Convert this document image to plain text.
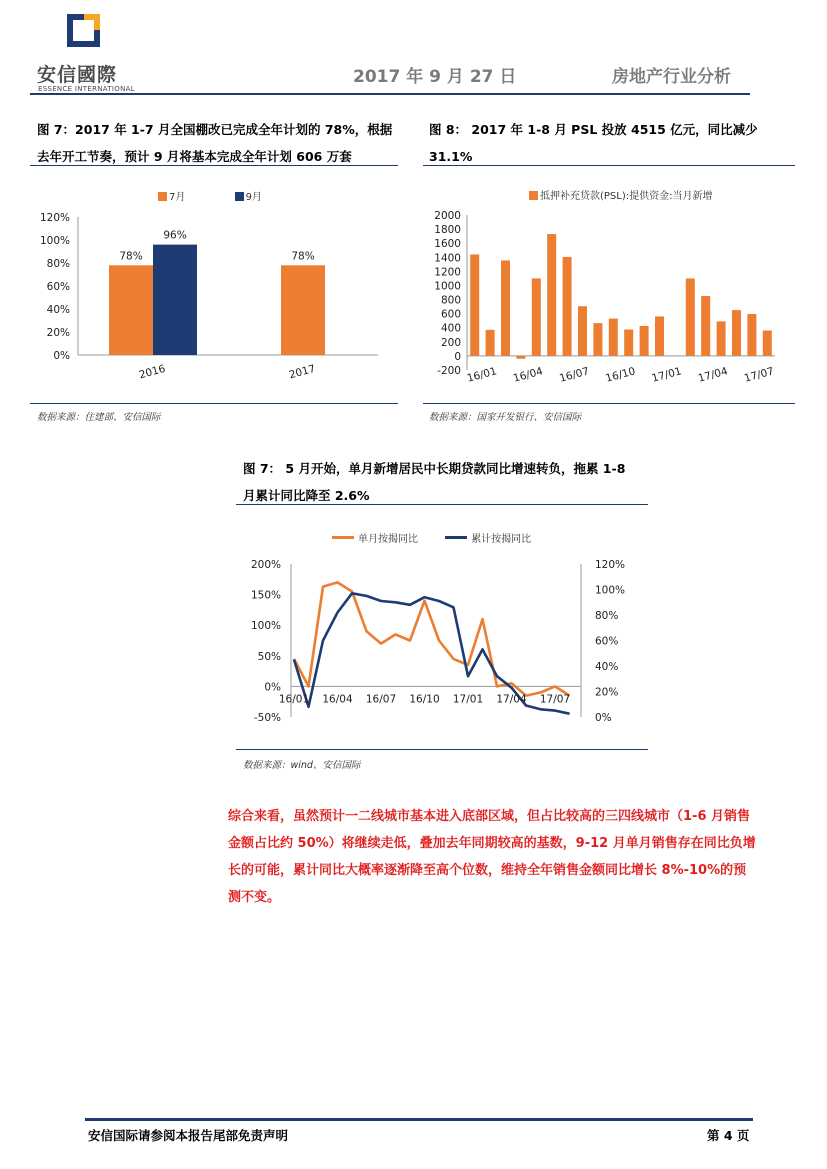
安信國際
ESSENCE INTERNATIONAL
2017 年 9 月 27 日	房地产行业分析
图 7：2017 年 1-7 月全国棚改已完成全年计划的 78%，根据
去年开工节奏，预计 9 月将基本完成全年计划 606 万套
图 8： 2017 年 1-8 月 PSL 投放 4515 亿元，同比减少 31.1%
7月	9月
0%
20%
40%
60%
80%
100%
120%
78%
96%
2016
78%
2017
抵押补充贷款(PSL):提供资金:当月新增
-200
0
200
400
600
800
1000
1200
1400
1600
1800
2000
16/01 16/04 16/07 16/10 17/01 17/04 17/07
数据来源：住建部、安信国际	数据来源：国家开发银行、安信国际
图 7： 5 月开始，单月新增居民中长期贷款同比增速转负，拖累 1-8
月累计同比降至 2.6%
单月按揭同比	累计按揭同比
-50%
0%
50%
100%
150%
200%
0%
20%
40%
60%
80%
100%
120%
16/01 16/04 16/07 16/10 17/01 17/04 17/07
数据来源：wind、安信国际
综合来看，虽然预计一二线城市基本进入底部区域，但占比较高的三四线城市（1-6 月销售金额占比约 50%）将继续走低，叠加去年同期较高的基数，9-12 月单月销售存在同比负增长的可能，累计同比大概率逐渐降至高个位数，维持全年销售金额同比增长 8%-10%的预测不变。
安信国际请参阅本报告尾部免责声明	第 4 页
